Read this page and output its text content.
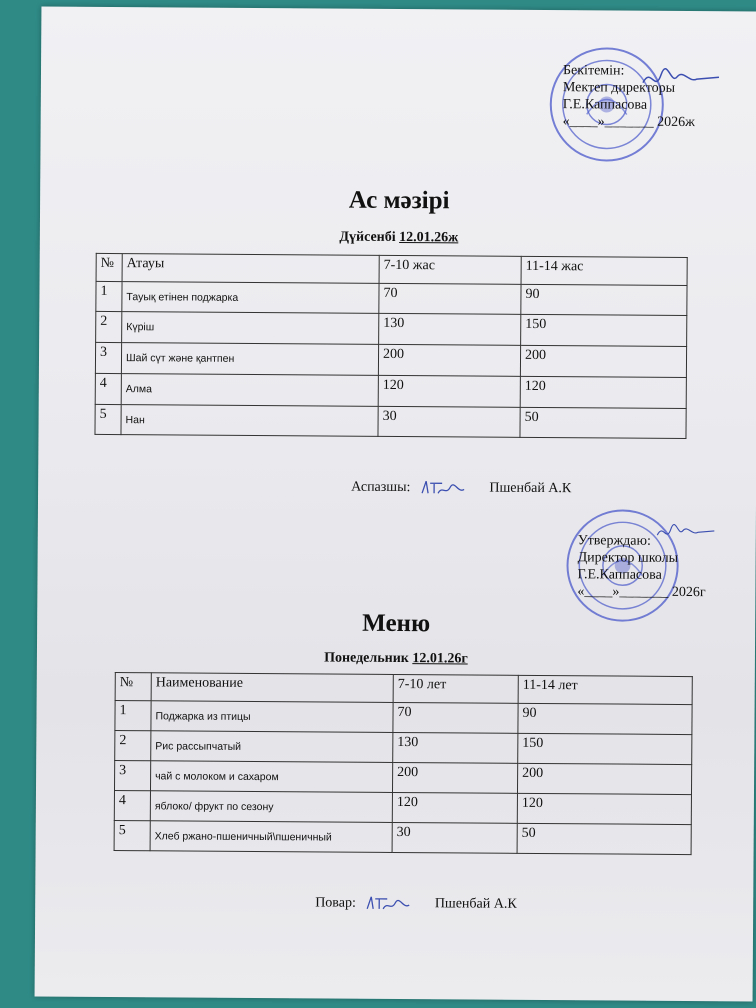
Бекітемін:
Мектеп директоры
Г.Е.Каппасова
«____»_______ 2026ж
Ас мәзірі
Дүйсенбі 12.01.26ж
№	Атауы	7-10 жас	11-14 жас
1	Тауық етінен поджарка	70	90
2	Күріш	130	150
3	Шай сүт және қантпен	200	200
4	Алма	120	120
5	Нан	30	50
Аспазшы:	Пшенбай А.К
Утверждаю:
Директор школы
Г.Е.Каппасова
«____»_______ 2026г
Меню
Понедельник 12.01.26г
№	Наименование	7-10 лет	11-14 лет
1	Поджарка из птицы	70	90
2	Рис рассыпчатый	130	150
3	чай с молоком и сахаром	200	200
4	яблоко/ фрукт по сезону	120	120
5	Хлеб ржано-пшеничный\пшеничный	30	50
Повар:	Пшенбай А.К
